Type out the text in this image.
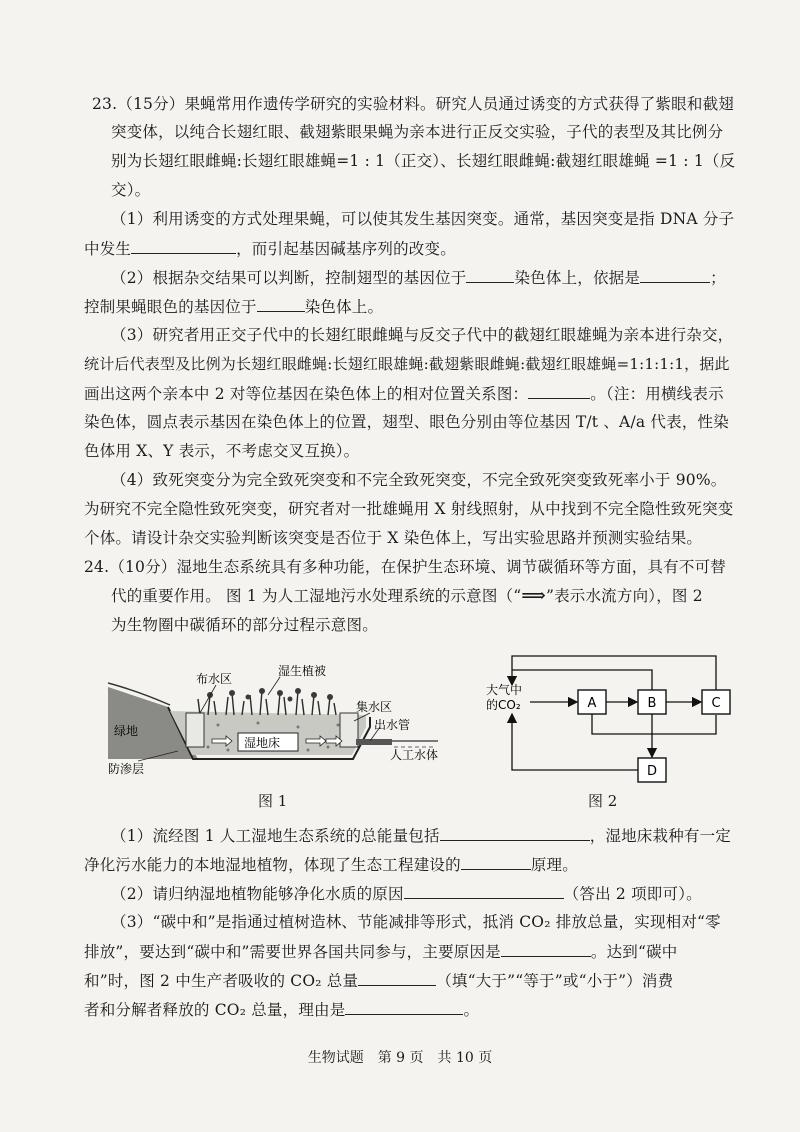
23.（15分）果蝇常用作遗传学研究的实验材料。研究人员通过诱变的方式获得了紫眼和截翅
突变体，以纯合长翅红眼、截翅紫眼果蝇为亲本进行正反交实验，子代的表型及其比例分
别为长翅红眼雌蝇:长翅红眼雄蝇=1 : 1（正交）、长翅红眼雌蝇:截翅红眼雄蝇 =1 : 1（反
交）。
（1）利用诱变的方式处理果蝇，可以使其发生基因突变。通常，基因突变是指 DNA 分子
中发生	，而引起基因碱基序列的改变。
（2）根据杂交结果可以判断，控制翅型的基因位于	染色体上，依据是	；
控制果蝇眼色的基因位于	染色体上。
（3）研究者用正交子代中的长翅红眼雌蝇与反交子代中的截翅红眼雄蝇为亲本进行杂交，
统计后代表型及比例为长翅红眼雌蝇:长翅红眼雄蝇:截翅紫眼雌蝇:截翅红眼雄蝇=1:1:1:1，据此
画出这两个亲本中 2 对等位基因在染色体上的相对位置关系图：	。（注：用横线表示
染色体，圆点表示基因在染色体上的位置，翅型、眼色分别由等位基因 T/t 、A/a 代表，性染
色体用 X、Y 表示，不考虑交叉互换）。
（4）致死突变分为完全致死突变和不完全致死突变，不完全致死突变致死率小于 90%。
为研究不完全隐性致死突变，研究者对一批雄蝇用 X 射线照射，从中找到不完全隐性致死突变
个体。请设计杂交实验判断该突变是否位于 X 染色体上，写出实验思路并预测实验结果。
24.（10分）湿地生态系统具有多种功能，在保护生态环境、调节碳循环等方面，具有不可替
代的重要作用。 图 1 为人工湿地污水处理系统的示意图（“⟹”表示水流方向），图 2
为生物圈中碳循环的部分过程示意图。
湿生植被
布水区
绿地
集水区
出水管
湿地床
人工水体
防渗层
图 1
A	B	C
D
大气中
的CO₂
图 2
（1）流经图 1 人工湿地生态系统的总能量包括	，湿地床栽种有一定
净化污水能力的本地湿地植物，体现了生态工程建设的	原理。
（2）请归纳湿地植物能够净化水质的原因	（答出 2 项即可）。
（3）“碳中和”是指通过植树造林、节能减排等形式，抵消 CO₂ 排放总量，实现相对“零
排放”，要达到“碳中和”需要世界各国共同参与，主要原因是	。达到“碳中
和”时，图 2 中生产者吸收的 CO₂ 总量	（填“大于”“等于”或“小于”）消费
者和分解者释放的 CO₂ 总量，理由是	。
生物试题　第 9 页　共 10 页
